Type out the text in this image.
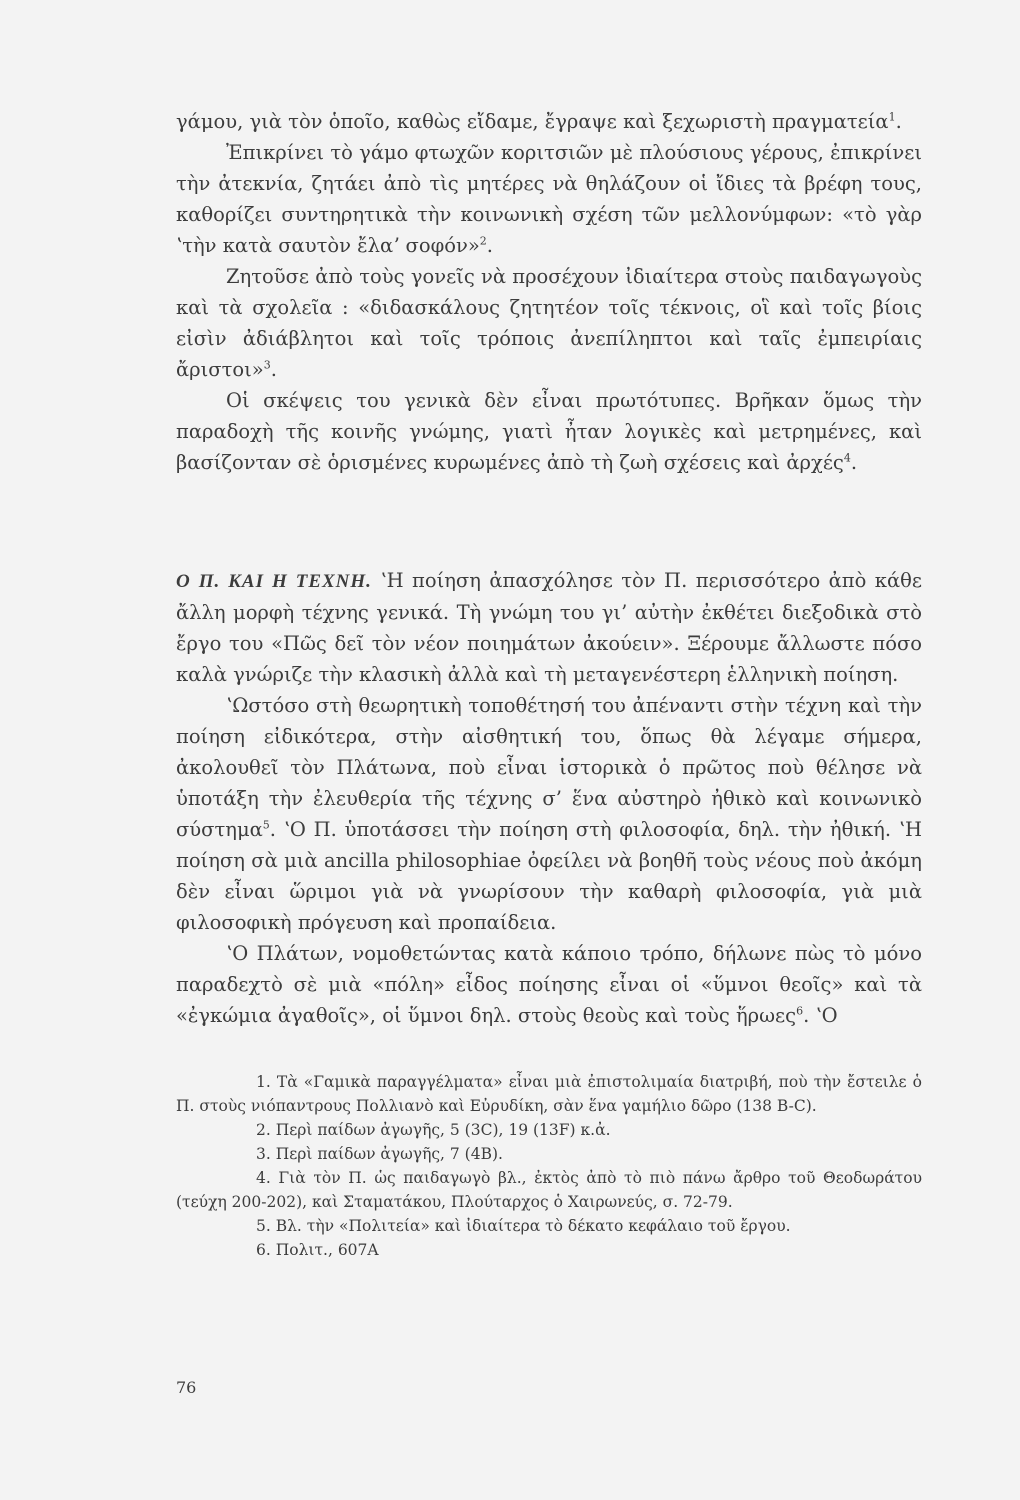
γάμου, γιὰ τὸν ὁποῖο, καθὼς εἴδαμε, ἔγραψε καὶ ξεχωριστὴ πραγματεία$^1$.

Ἐπικρίνει τὸ γάμο φτωχῶν κοριτσιῶν μὲ πλούσιους γέρους, ἐπικρίνει τὴν ἀτεκνία, ζητάει ἀπὸ τὶς μητέρες νὰ θηλάζουν οἱ ἴδιες τὰ βρέφη τους, καθορίζει συντηρητικὰ τὴν κοινωνικὴ σχέση τῶν μελλονύμφων: «τὸ γὰρ ʽτὴν κατὰ σαυτὸν ἔλαʼ σοφόν»$^2$.

Ζητοῦσε ἀπὸ τοὺς γονεῖς νὰ προσέχουν ἰδιαίτερα στοὺς παιδαγωγοὺς καὶ τὰ σχολεῖα : «διδασκάλους ζητητέον τοῖς τέκνοις, οἳ καὶ τοῖς βίοις εἰσὶν ἀδιάβλητοι καὶ τοῖς τρόποις ἀνεπίληπτοι καὶ ταῖς ἐμπειρίαις ἄριστοι»$^3$.

Οἱ σκέψεις του γενικὰ δὲν εἶναι πρωτότυπες. Βρῆκαν ὅμως τὴν παραδοχὴ τῆς κοινῆς γνώμης, γιατὶ ἦταν λογικὲς καὶ μετρημένες, καὶ βασίζονταν σὲ ὁρισμένες κυρωμένες ἀπὸ τὴ ζωὴ σχέσεις καὶ ἀρχές$^4$.

Ο Π. ΚΑΙ Η ΤΕΧΝΗ. ʽΗ ποίηση ἀπασχόλησε τὸν Π. περισσότερο ἀπὸ κάθε ἄλλη μορφὴ τέχνης γενικά. Τὴ γνώμη του γι’ αὐτὴν ἐκθέτει διεξοδικὰ στὸ ἔργο του «Πῶς δεῖ τὸν νέον ποιημάτων ἀκούειν». Ξέρουμε ἄλλωστε πόσο καλὰ γνώριζε τὴν κλασικὴ ἀλλὰ καὶ τὴ μεταγενέστερη ἑλληνικὴ ποίηση.

ʽΩστόσο στὴ θεωρητικὴ τοποθέτησή του ἀπέναντι στὴν τέχνη καὶ τὴν ποίηση εἰδικότερα, στὴν αἰσθητική του, ὅπως θὰ λέγαμε σήμερα, ἀκολουθεῖ τὸν Πλάτωνα, ποὺ εἶναι ἱστορικὰ ὁ πρῶτος ποὺ θέλησε νὰ ὑποτάξη τὴν ἐλευθερία τῆς τέχνης σ’ ἕνα αὐστηρὸ ἠθικὸ καὶ κοινωνικὸ σύστημα$^5$. ʽΟ Π. ὑποτάσσει τὴν ποίηση στὴ φιλοσοφία, δηλ. τὴν ἠθική. ʽΗ ποίηση σὰ μιὰ ancilla philosophiae ὀφείλει νὰ βοηθῆ τοὺς νέους ποὺ ἀκόμη δὲν εἶναι ὥριμοι γιὰ νὰ γνωρίσουν τὴν καθαρὴ φιλοσοφία, γιὰ μιὰ φιλοσοφικὴ πρόγευση καὶ προπαίδεια.

ʽΟ Πλάτων, νομοθετώντας κατὰ κάποιο τρόπο, δήλωνε πὼς τὸ μόνο παραδεχτὸ σὲ μιὰ «πόλη» εἶδος ποίησης εἶναι οἱ «ὕμνοι θεοῖς» καὶ τὰ «ἐγκώμια ἀγαθοῖς», οἱ ὕμνοι δηλ. στοὺς θεοὺς καὶ τοὺς ἥρωες$^6$. ʽΟ

1. Τὰ «Γαμικὰ παραγγέλματα» εἶναι μιὰ ἐπιστολιμαία διατριβή, ποὺ τὴν ἔστειλε ὁ Π. στοὺς νιόπαντρους Πολλιανὸ καὶ Εὐρυδίκη, σὰν ἕνα γαμήλιο δῶρο (138 B-C).

2. Περὶ παίδων ἀγωγῆς, 5 (3C), 19 (13F) κ.ἀ.

3. Περὶ παίδων ἀγωγῆς, 7 (4B).

4. Γιὰ τὸν Π. ὡς παιδαγωγὸ βλ., ἐκτὸς ἀπὸ τὸ πιὸ πάνω ἄρθρο τοῦ Θεοδωράτου (τεύχη 200-202), καὶ Σταματάκου, Πλούταρχος ὁ Χαιρωνεύς, σ. 72-79.

5. Βλ. τὴν «Πολιτεία» καὶ ἰδιαίτερα τὸ δέκατο κεφάλαιο τοῦ ἔργου.

6. Πολιτ., 607A

76
